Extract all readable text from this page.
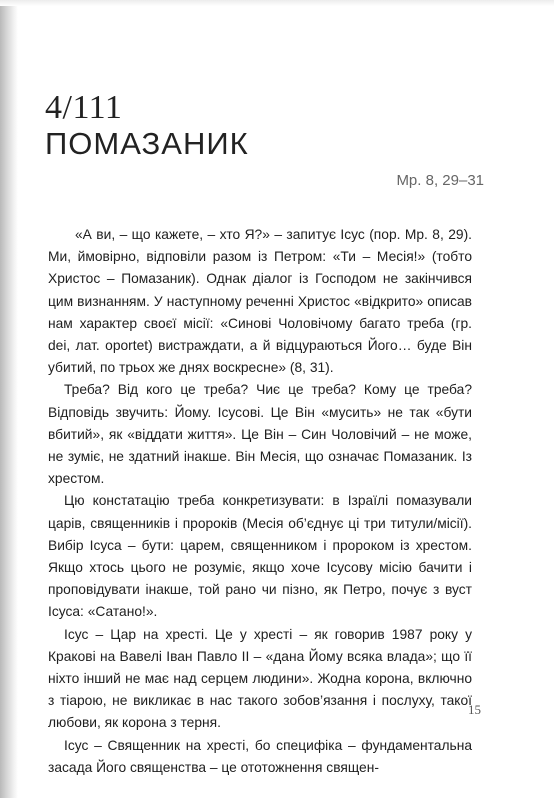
4/111
ПОМАЗАНИК
Мр. 8, 29–31

«А ви, – що кажете, – хто Я?» – запитує Ісус (пор. Мр. 8, 29). Ми, ймовірно, відповіли разом із Петром: «Ти – Месія!» (тобто Христос – Помазаник). Однак діалог із Господом не закінчився цим визнанням. У наступному реченні Христос «відкрито» описав нам характер своєї місії: «Синові Чоловічому багато треба (гр. dei, лат. oportet) вистраждати, а й відцураються Його… буде Він убитий, по трьох же днях воскресне» (8, 31).

Треба? Від кого це треба? Чиє це треба? Кому це треба? Відповідь звучить: Йому. Ісусові. Це Він «мусить» не так «бути вбитий», як «віддати життя». Це Він – Син Чоловічий – не може, не зуміє, не здатний інакше. Він Месія, що означає Помазаник. Із хрестом.

Цю констатацію треба конкретизувати: в Ізраїлі помазували царів, священників і пророків (Месія об’єднує ці три титули/місії). Вибір Ісуса – бути: царем, священником і пророком із хрестом. Якщо хтось цього не розуміє, якщо хоче Ісусову місію бачити і проповідувати інакше, той рано чи пізно, як Петро, почує з вуст Ісуса: «Сатано!».

Ісус – Цар на хресті. Це у хресті – як говорив 1987 року у Кракові на Вавелі Іван Павло II – «дана Йому всяка влада»; що її ніхто інший не має над серцем людини». Жодна корона, включно з тіарою, не викликає в нас такого зобов’язання і послуху, такої любови, як корона з терня.

Ісус – Священник на хресті, бо специфіка – фундаментальна засада Його священства – це ототожнення священ-

15
